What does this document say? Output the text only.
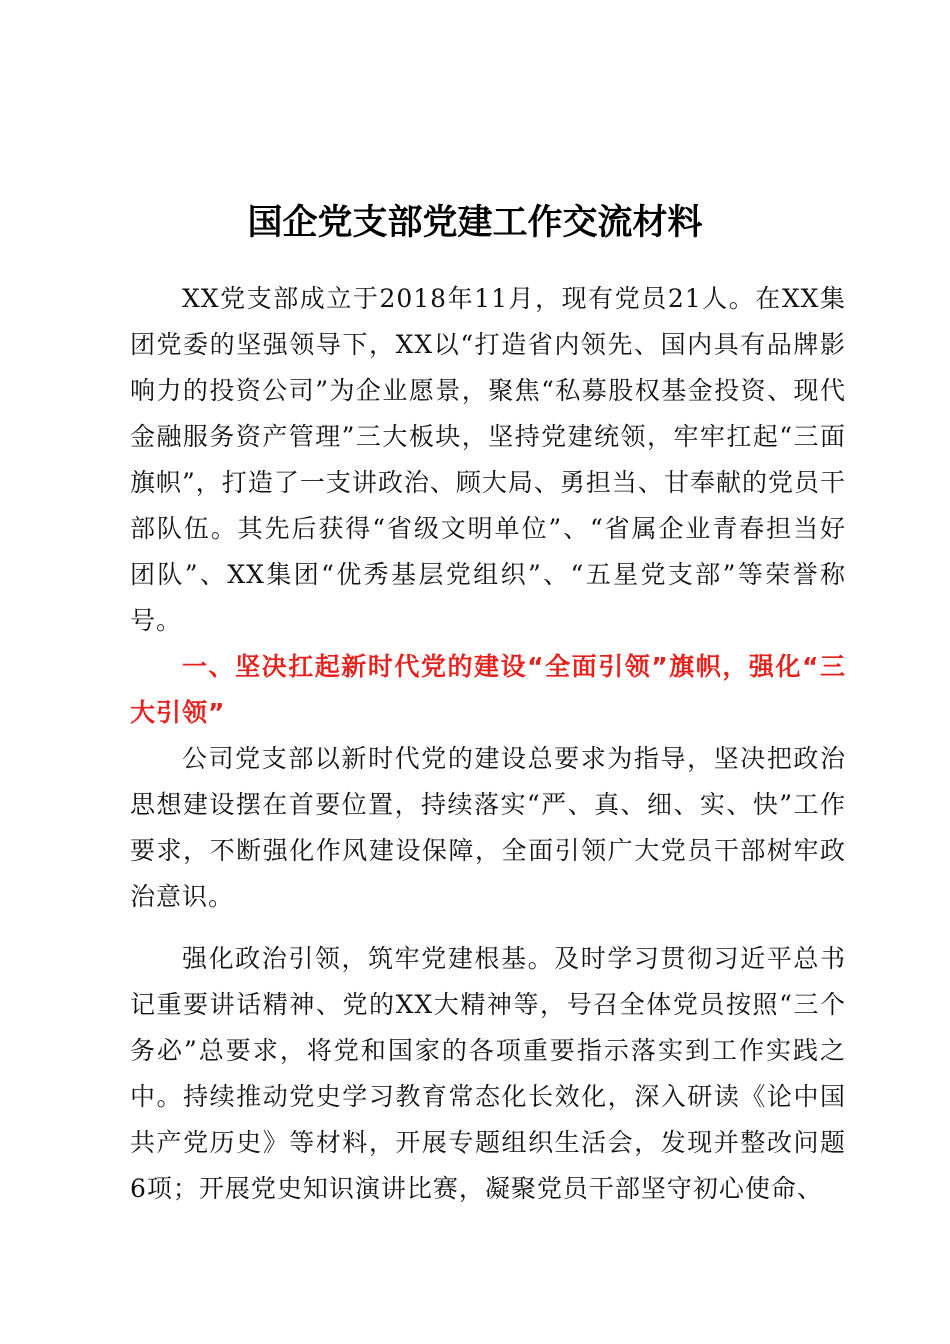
国企党支部党建工作交流材料

XX党支部成立于2018年11月，现有党员21人。在XX集团党委的坚强领导下，XX以“打造省内领先、国内具有品牌影响力的投资公司”为企业愿景，聚焦“私募股权基金投资、现代金融服务资产管理”三大板块，坚持党建统领，牢牢扛起“三面旗帜”，打造了一支讲政治、顾大局、勇担当、甘奉献的党员干部队伍。其先后获得“省级文明单位”、“省属企业青春担当好团队”、XX集团“优秀基层党组织”、“五星党支部”等荣誉称号。

一、坚决扛起新时代党的建设“全面引领”旗帜，强化“三大引领”

公司党支部以新时代党的建设总要求为指导，坚决把政治思想建设摆在首要位置，持续落实“严、真、细、实、快”工作要求，不断强化作风建设保障，全面引领广大党员干部树牢政治意识。

强化政治引领，筑牢党建根基。及时学习贯彻习近平总书记重要讲话精神、党的XX大精神等，号召全体党员按照“三个务必”总要求，将党和国家的各项重要指示落实到工作实践之中。持续推动党史学习教育常态化长效化，深入研读《论中国共产党历史》等材料，开展专题组织生活会，发现并整改问题6项；开展党史知识演讲比赛，凝聚党员干部坚守初心使命、
